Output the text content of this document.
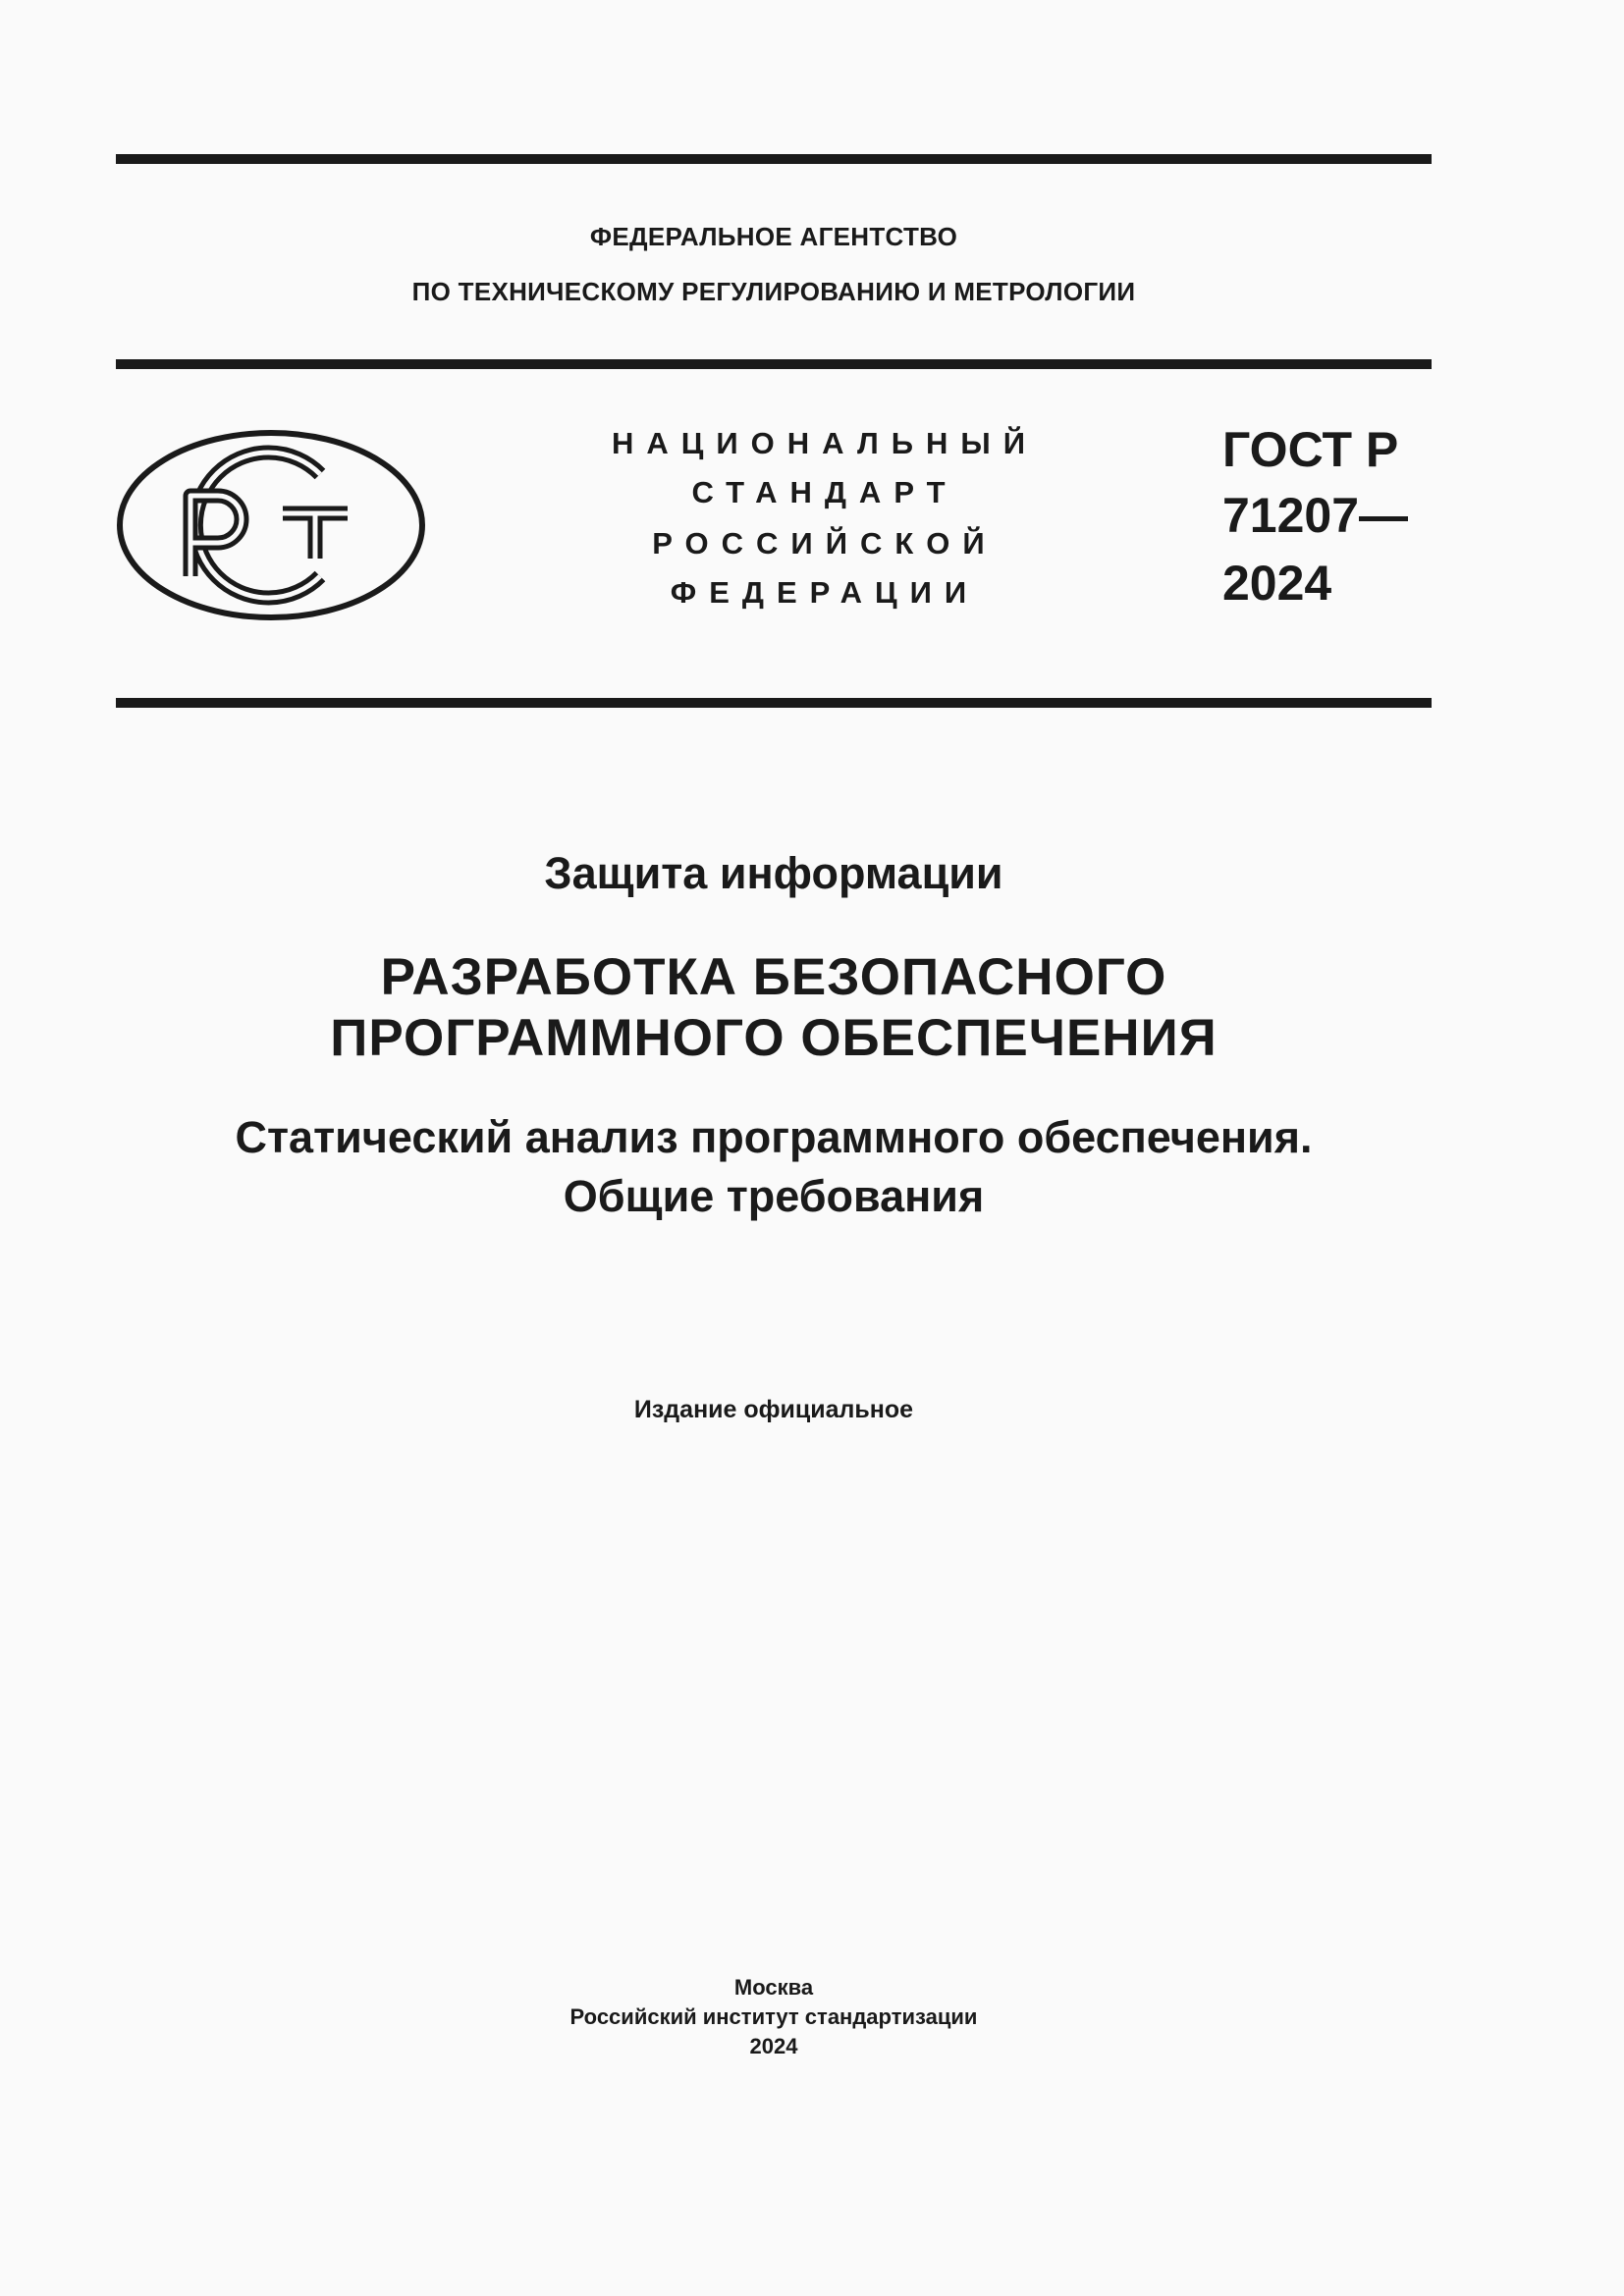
ФЕДЕРАЛЬНОЕ АГЕНТСТВО
ПО ТЕХНИЧЕСКОМУ РЕГУЛИРОВАНИЮ И МЕТРОЛОГИИ
НАЦИОНАЛЬНЫЙ
СТАНДАРТ
РОССИЙСКОЙ
ФЕДЕРАЦИИ
ГОСТ Р
71207—
2024
Защита информации
РАЗРАБОТКА БЕЗОПАСНОГО
ПРОГРАММНОГО ОБЕСПЕЧЕНИЯ
Статический анализ программного обеспечения.
Общие требования
Издание официальное
Москва
Российский институт стандартизации
2024
